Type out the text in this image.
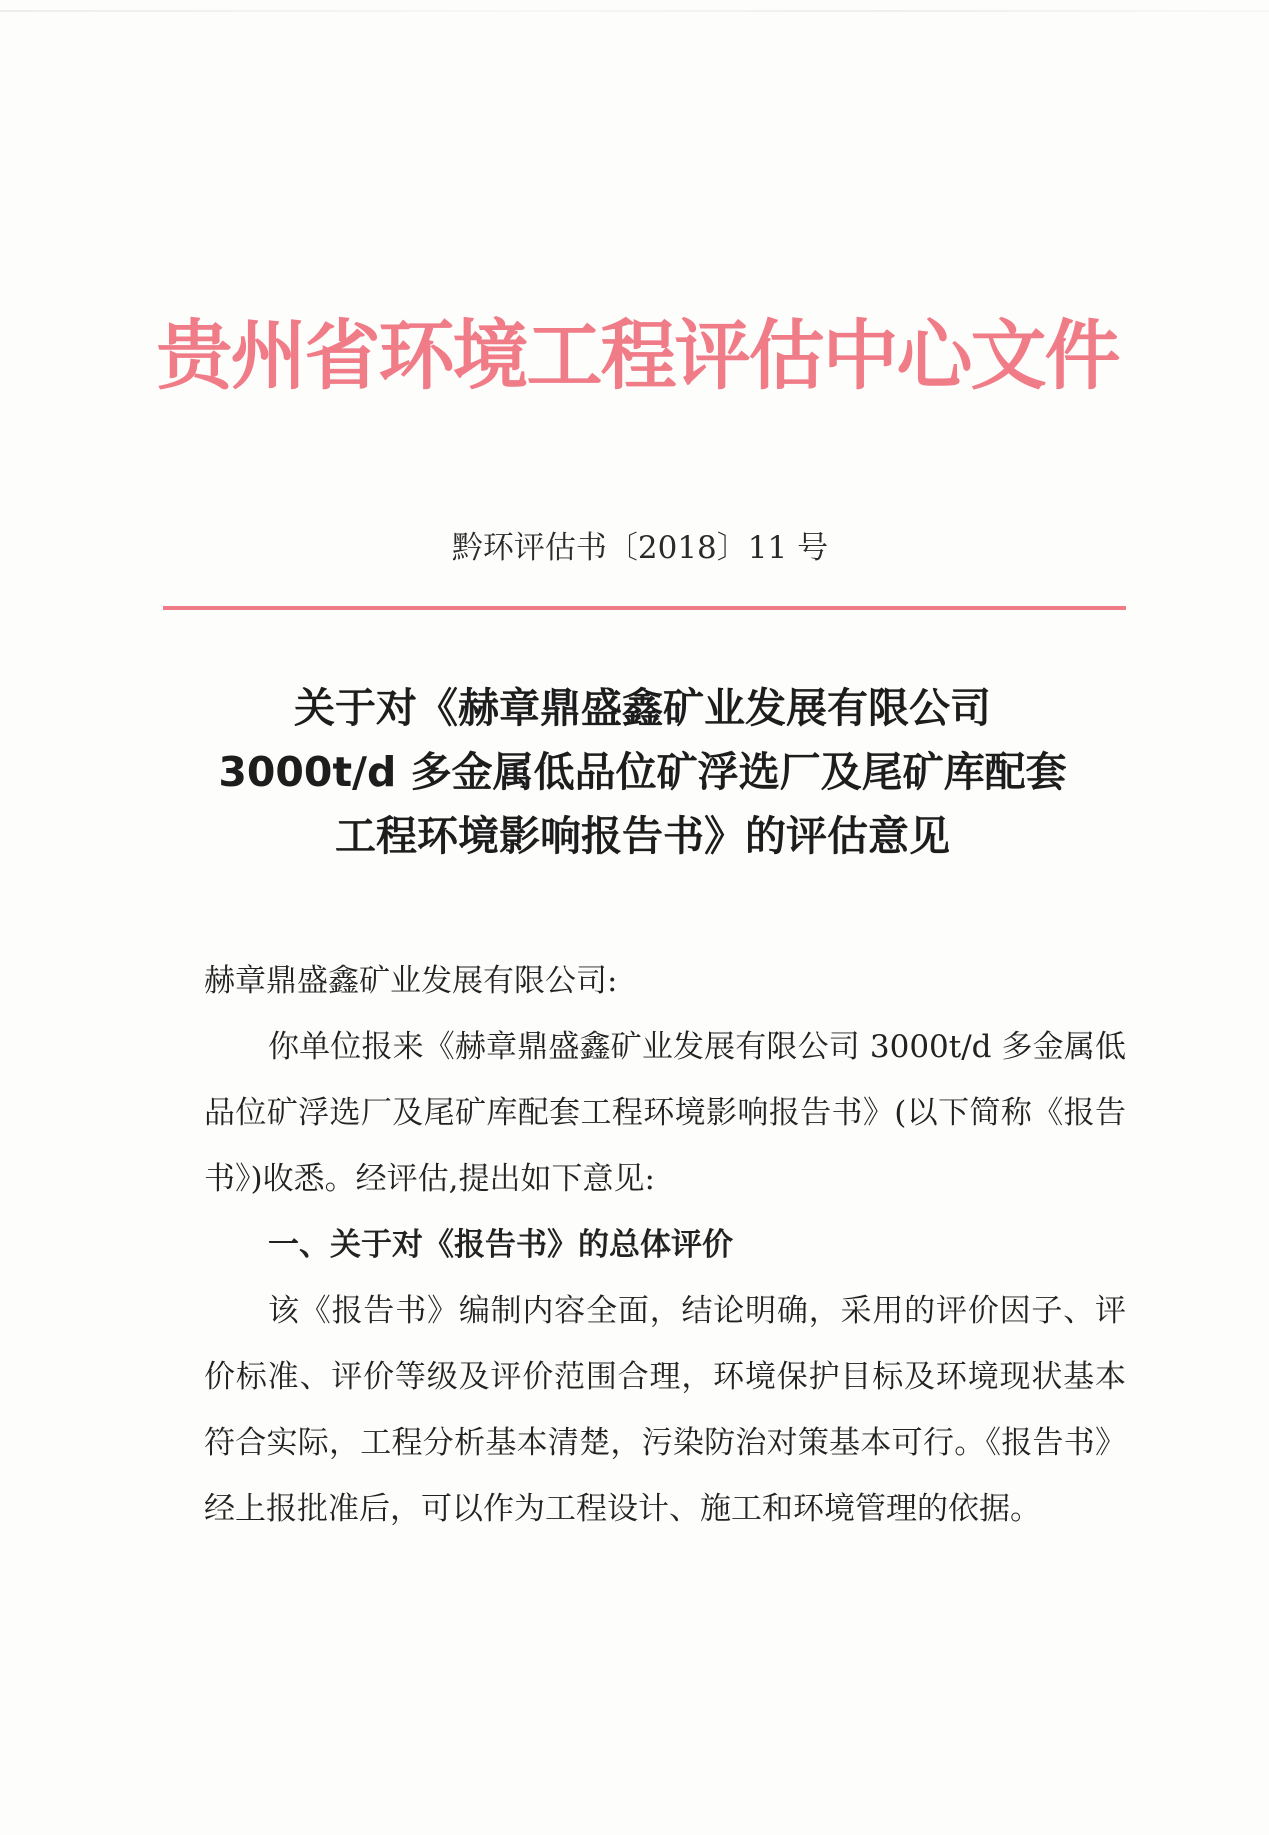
贵州省环境工程评估中心文件
黔环评估书〔2018〕11 号
关于对《赫章鼎盛鑫矿业发展有限公司
3000t/d 多金属低品位矿浮选厂及尾矿库配套
工程环境影响报告书》的评估意见

赫章鼎盛鑫矿业发展有限公司:

你单位报来《赫章鼎盛鑫矿业发展有限公司 3000t/d 多金属低品位矿浮选厂及尾矿库配套工程环境影响报告书》(以下简称《报告书》)收悉。经评估,提出如下意见:

一、关于对《报告书》的总体评价

该《报告书》编制内容全面，结论明确，采用的评价因子、评价标准、评价等级及评价范围合理，环境保护目标及环境现状基本符合实际，工程分析基本清楚，污染防治对策基本可行。《报告书》经上报批准后，可以作为工程设计、施工和环境管理的依据。
